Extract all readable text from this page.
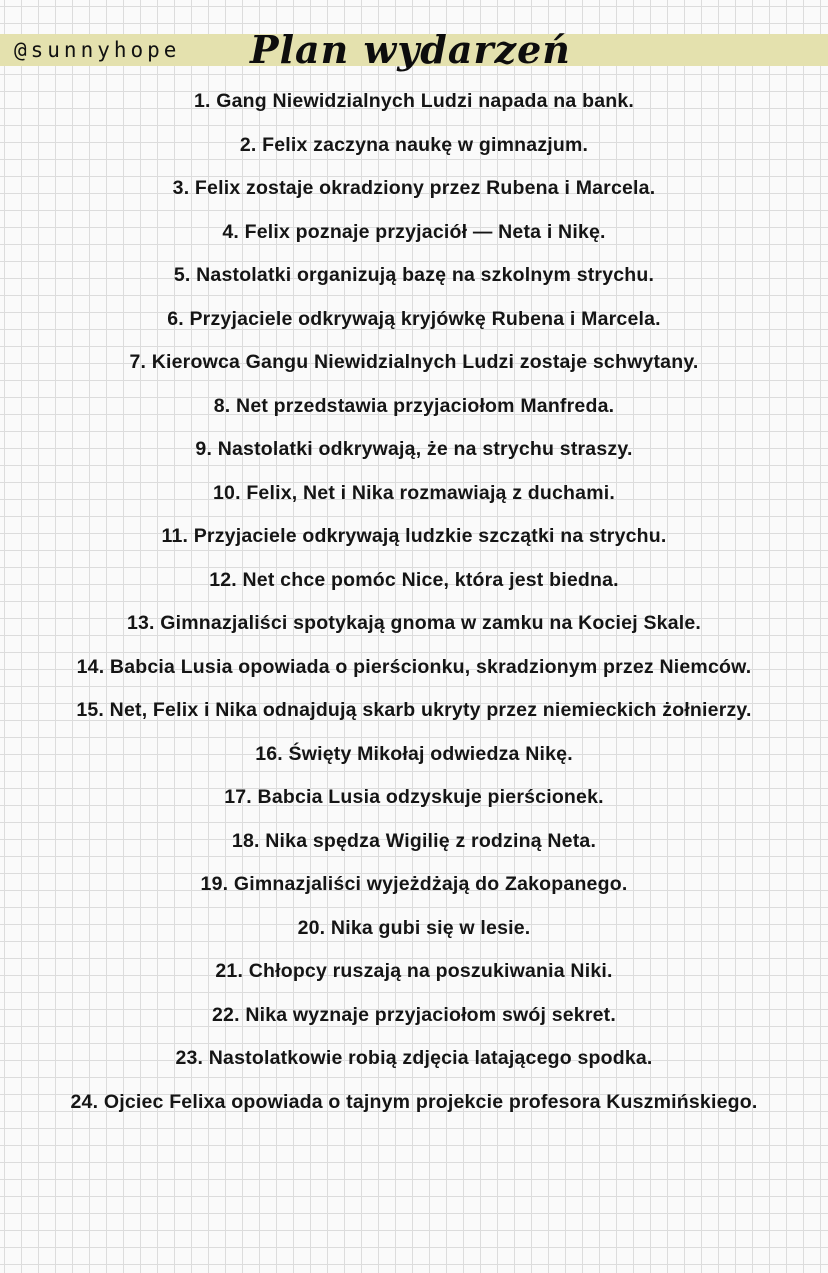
@sunnyhope Plan wydarzeń
1. Gang Niewidzialnych Ludzi napada na bank.
2. Felix zaczyna naukę w gimnazjum.
3. Felix zostaje okradziony przez Rubena i Marcela.
4. Felix poznaje przyjaciół — Neta i Nikę.
5. Nastolatki organizują bazę na szkolnym strychu.
6. Przyjaciele odkrywają kryjówkę Rubena i Marcela.
7. Kierowca Gangu Niewidzialnych Ludzi zostaje schwytany.
8. Net przedstawia przyjaciołom Manfreda.
9. Nastolatki odkrywają, że na strychu straszy.
10. Felix, Net i Nika rozmawiają z duchami.
11. Przyjaciele odkrywają ludzkie szczątki na strychu.
12. Net chce pomóc Nice, która jest biedna.
13. Gimnazjaliści spotykają gnoma w zamku na Kociej Skale.
14. Babcia Lusia opowiada o pierścionku, skradzionym przez Niemców.
15. Net, Felix i Nika odnajdują skarb ukryty przez niemieckich żołnierzy.
16. Święty Mikołaj odwiedza Nikę.
17. Babcia Lusia odzyskuje pierścionek.
18. Nika spędza Wigilię z rodziną Neta.
19. Gimnazjaliści wyjeżdżają do Zakopanego.
20. Nika gubi się w lesie.
21. Chłopcy ruszają na poszukiwania Niki.
22. Nika wyznaje przyjaciołom swój sekret.
23. Nastolatkowie robią zdjęcia latającego spodka.
24. Ojciec Felixa opowiada o tajnym projekcie profesora Kuszmińskiego.
